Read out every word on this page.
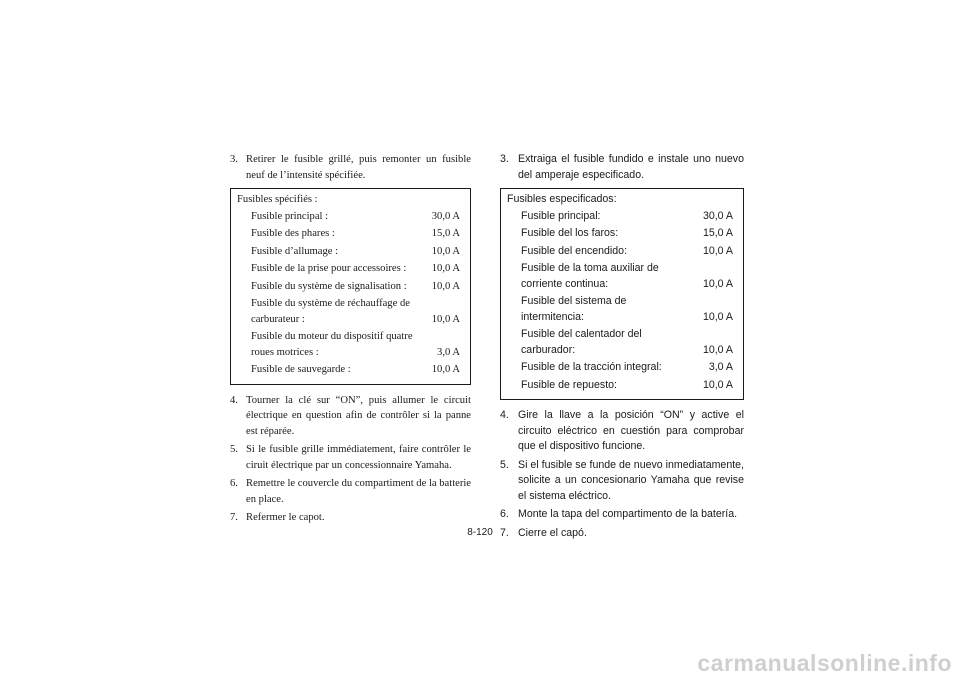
3. Retirer le fusible grillé, puis remonter un fusible neuf de l’intensité spécifiée.
Fusibles spécifiés :
Fusible principal :	30,0 A
Fusible des phares :	15,0 A
Fusible d’allumage :	10,0 A
Fusible de la prise pour accessoires :	10,0 A
Fusible du système de signalisation :	10,0 A
Fusible du système de réchauffage de carburateur :	10,0 A
Fusible du moteur du dispositif quatre roues motrices :	3,0 A
Fusible de sauvegarde :	10,0 A
4. Tourner la clé sur “ON”, puis allumer le circuit électrique en question afin de contrôler si la panne est réparée.
5. Si le fusible grille immédiatement, faire contrôler le ciruit électrique par un concessionnaire Yamaha.
6. Remettre le couvercle du compartiment de la batterie en place.
7. Refermer le capot.
3. Extraiga el fusible fundido e instale uno nuevo del amperaje especificado.
Fusibles especificados:
Fusible principal:	30,0 A
Fusible del los faros:	15,0 A
Fusible del encendido:	10,0 A
Fusible de la toma auxiliar de corriente continua:	10,0 A
Fusible del sistema de intermitencia:	10,0 A
Fusible del calentador del carburador:	10,0 A
Fusible de la tracción integral:	3,0 A
Fusible de repuesto:	10,0 A
4. Gire la llave a la posición “ON” y active el circuito eléctrico en cuestión para comprobar que el dispositivo funcione.
5. Si el fusible se funde de nuevo inmediatamente, solicite a un concesionario Yamaha que revise el sistema eléctrico.
6. Monte la tapa del compartimento de la batería.
7. Cierre el capó.
8-120
carmanualsonline.info
